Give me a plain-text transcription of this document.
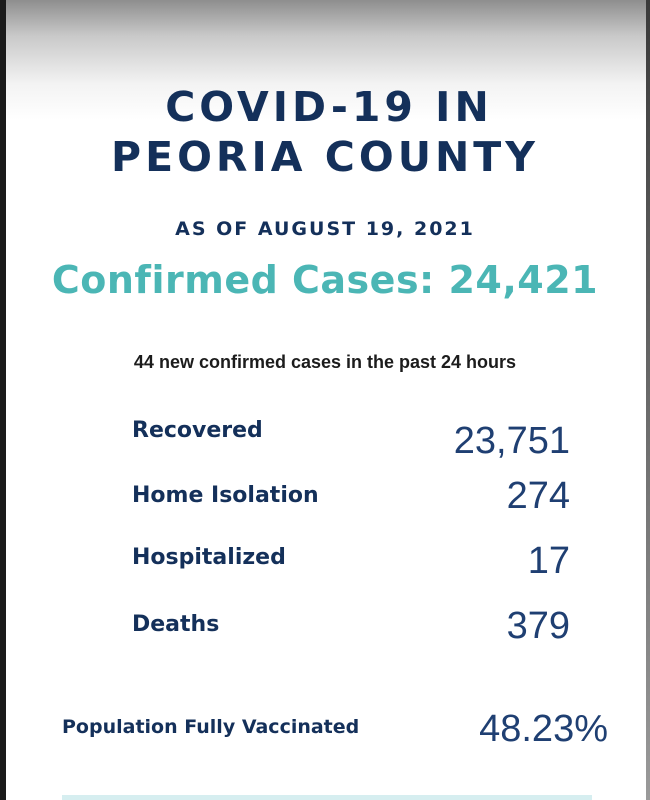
COVID-19 IN
PEORIA COUNTY
AS OF AUGUST 19, 2021
Confirmed Cases: 24,421
44 new confirmed cases in the past 24 hours
Recovered	23,751
Home Isolation	274
Hospitalized	17
Deaths	379
Population Fully Vaccinated	48.23%
